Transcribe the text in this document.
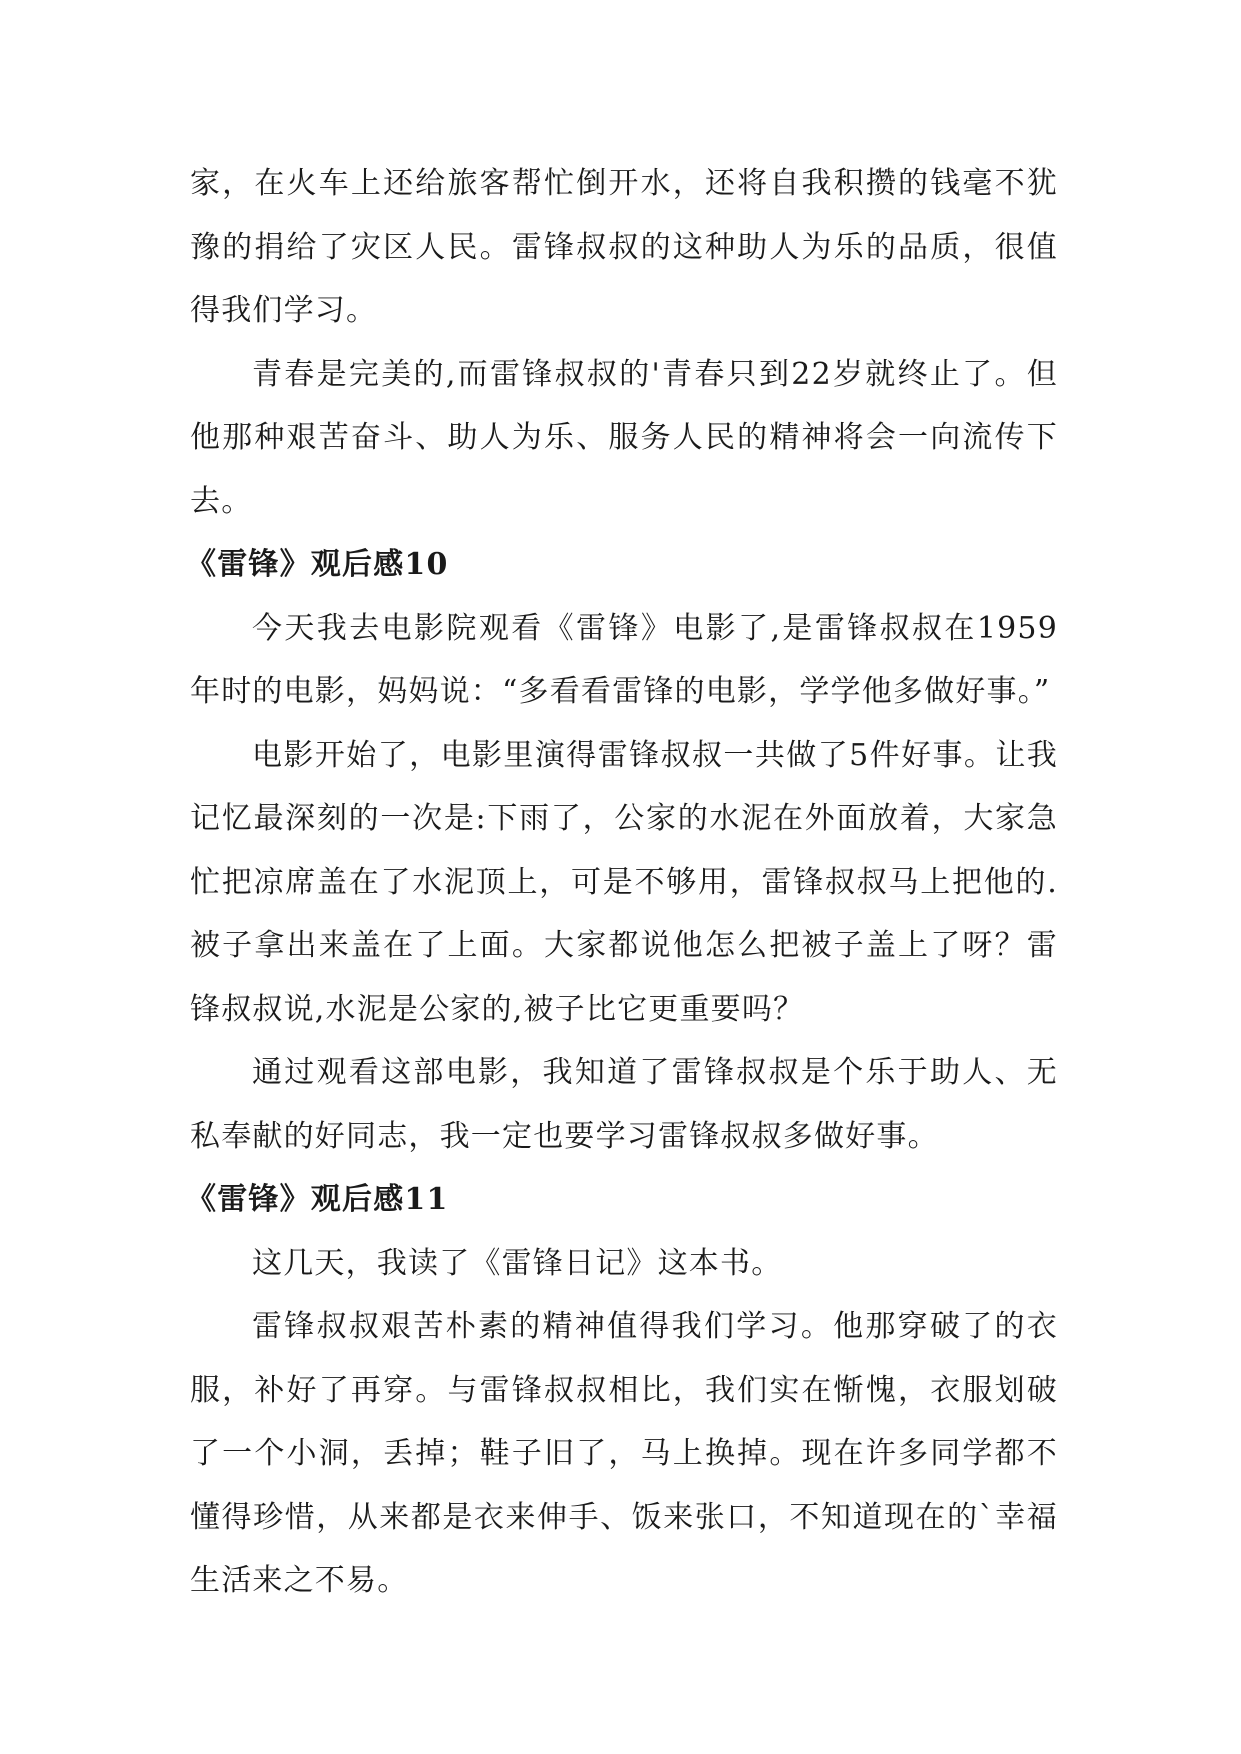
家，在火车上还给旅客帮忙倒开水，还将自我积攒的钱毫不犹豫的捐给了灾区人民。雷锋叔叔的这种助人为乐的品质，很值得我们学习。

青春是完美的,而雷锋叔叔的'青春只到22岁就终止了。但他那种艰苦奋斗、助人为乐、服务人民的精神将会一向流传下去。

《雷锋》观后感10

今天我去电影院观看《雷锋》电影了,是雷锋叔叔在1959年时的电影，妈妈说：“多看看雷锋的电影，学学他多做好事。”

电影开始了，电影里演得雷锋叔叔一共做了5件好事。让我记忆最深刻的一次是:下雨了，公家的水泥在外面放着，大家急忙把凉席盖在了水泥顶上，可是不够用，雷锋叔叔马上把他的.被子拿出来盖在了上面。大家都说他怎么把被子盖上了呀？雷锋叔叔说,水泥是公家的,被子比它更重要吗？

通过观看这部电影，我知道了雷锋叔叔是个乐于助人、无私奉献的好同志，我一定也要学习雷锋叔叔多做好事。

《雷锋》观后感11

这几天，我读了《雷锋日记》这本书。

雷锋叔叔艰苦朴素的精神值得我们学习。他那穿破了的衣服，补好了再穿。与雷锋叔叔相比，我们实在惭愧，衣服划破了一个小洞，丢掉；鞋子旧了，马上换掉。现在许多同学都不懂得珍惜，从来都是衣来伸手、饭来张口，不知道现在的`幸福生活来之不易。
